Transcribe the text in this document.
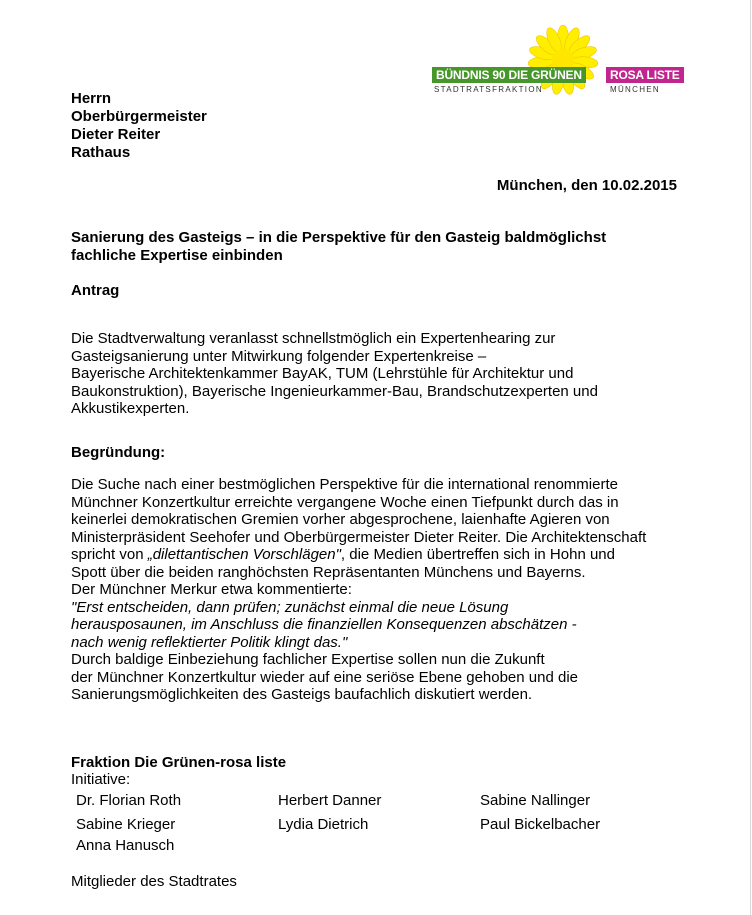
BÜNDNIS 90 DIE GRÜNEN	ROSA LISTE
STADTRATSFRAKTION	MÜNCHEN
Herrn
Oberbürgermeister
Dieter Reiter
Rathaus
München, den 10.02.2015
Sanierung des Gasteigs – in die Perspektive für den Gasteig baldmöglichst fachliche Expertise einbinden
Antrag
Die Stadtverwaltung veranlasst schnellstmöglich ein Expertenhearing zur
Gasteigsanierung unter Mitwirkung folgender Expertenkreise –
Bayerische Architektenkammer BayAK, TUM (Lehrstühle für Architektur und
Baukonstruktion), Bayerische Ingenieurkammer-Bau, Brandschutzexperten und
Akkustikexperten.
Begründung:
Die Suche nach einer bestmöglichen Perspektive für die international renommierte
Münchner Konzertkultur erreichte vergangene Woche einen Tiefpunkt durch das in
keinerlei demokratischen Gremien vorher abgesprochene, laienhafte Agieren von
Ministerpräsident Seehofer und Oberbürgermeister Dieter Reiter. Die Architektenschaft
spricht von „dilettantischen Vorschlägen", die Medien übertreffen sich in Hohn und
Spott über die beiden ranghöchsten Repräsentanten Münchens und Bayerns.
Der Münchner Merkur etwa kommentierte:
"Erst entscheiden, dann prüfen; zunächst einmal die neue Lösung
herausposaunen, im Anschluss die finanziellen Konsequenzen abschätzen -
nach wenig reflektierter Politik klingt das."
Durch baldige Einbeziehung fachlicher Expertise sollen nun die Zukunft
der Münchner Konzertkultur wieder auf eine seriöse Ebene gehoben und die
Sanierungsmöglichkeiten des Gasteigs baufachlich diskutiert werden.
Fraktion Die Grünen-rosa liste
Initiative:
Dr. Florian Roth	Herbert Danner	Sabine Nallinger
Sabine Krieger	Lydia Dietrich	Paul Bickelbacher
Anna Hanusch
Mitglieder des Stadtrates
